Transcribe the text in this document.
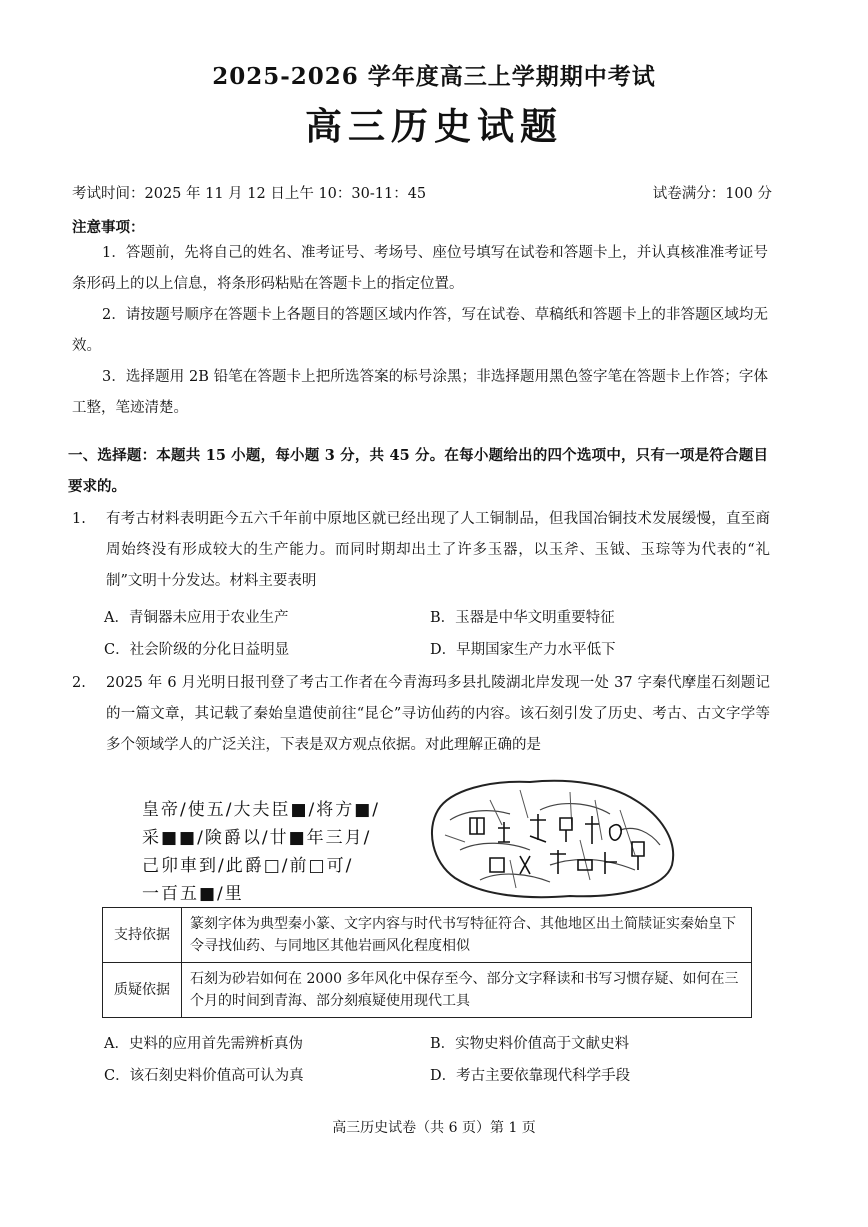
2025-2026 学年度高三上学期期中考试
高三历史试题
考试时间：2025 年 11 月 12 日上午 10：30-11：45	试卷满分：100 分
注意事项：
1．答题前，先将自己的姓名、准考证号、考场号、座位号填写在试卷和答题卡上，并认真核准准考证号条形码上的以上信息，将条形码粘贴在答题卡上的指定位置。
2．请按题号顺序在答题卡上各题目的答题区域内作答，写在试卷、草稿纸和答题卡上的非答题区域均无效。
3．选择题用 2B 铅笔在答题卡上把所选答案的标号涂黑；非选择题用黑色签字笔在答题卡上作答；字体工整，笔迹清楚。
一、选择题：本题共 15 小题，每小题 3 分，共 45 分。在每小题给出的四个选项中，只有一项是符合题目要求的。
1. 有考古材料表明距今五六千年前中原地区就已经出现了人工铜制品，但我国冶铜技术发展缓慢，直至商周始终没有形成较大的生产能力。而同时期却出土了许多玉器，以玉斧、玉钺、玉琮等为代表的“礼制”文明十分发达。材料主要表明
A．青铜器未应用于农业生产	B．玉器是中华文明重要特征
C．社会阶级的分化日益明显	D．早期国家生产力水平低下
2. 2025 年 6 月光明日报刊登了考古工作者在今青海玛多县扎陵湖北岸发现一处 37 字秦代摩崖石刻题记的一篇文章，其记载了秦始皇遣使前往“昆仑”寻访仙药的内容。该石刻引发了历史、考古、古文字学等多个领域学人的广泛关注，下表是双方观点依据。对此理解正确的是
皇帝/使五/大夫臣■/将方■/
采■■/険爵以/廿■年三月/
己卯車到/此爵□/前□可/
一百五■/里
支持依据	篆刻字体为典型秦小篆、文字内容与时代书写特征符合、其他地区出土简牍证实秦始皇下令寻找仙药、与同地区其他岩画风化程度相似
质疑依据	石刻为砂岩如何在 2000 多年风化中保存至今、部分文字释读和书写习惯存疑、如何在三个月的时间到青海、部分刻痕疑使用现代工具
A．史料的应用首先需辨析真伪	B．实物史料价值高于文献史料
C．该石刻史料价值高可认为真	D．考古主要依靠现代科学手段
高三历史试卷（共 6 页）第 1 页
